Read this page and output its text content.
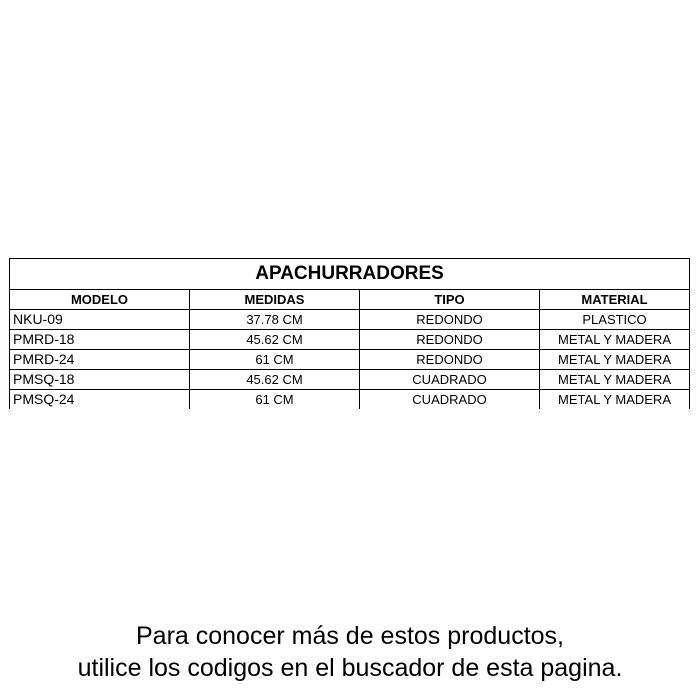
APACHURRADORES			
MODELO	MEDIDAS	TIPO	MATERIAL
NKU-09	37.78 CM	REDONDO	PLASTICO
PMRD-18	45.62 CM	REDONDO	METAL Y MADERA
PMRD-24	61 CM	REDONDO	METAL Y MADERA
PMSQ-18	45.62 CM	CUADRADO	METAL Y MADERA
PMSQ-24	61 CM	CUADRADO	METAL Y MADERA
Para conocer más de estos productos,
utilice los codigos en el buscador de esta pagina.
